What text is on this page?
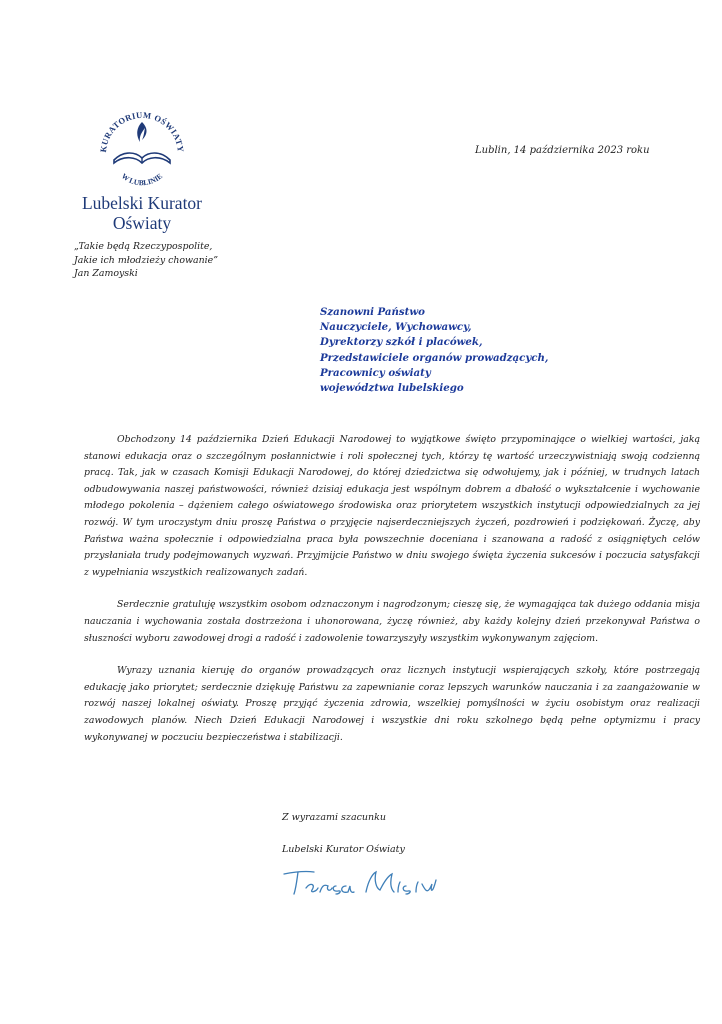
KURATORIUM OŚWIATY
W LUBLINIE
Lubelski Kurator
Oświaty
„Takie będą Rzeczypospolite,
Jakie ich młodzieży chowanie”
Jan Zamoyski
Lublin, 14 października 2023 roku
Szanowni Państwo
Nauczyciele, Wychowawcy,
Dyrektorzy szkół i placówek,
Przedstawiciele organów prowadzących,
Pracownicy oświaty
województwa lubelskiego

Obchodzony 14 października Dzień Edukacji Narodowej to wyjątkowe święto przypominające o wielkiej wartości, jaką stanowi edukacja oraz o szczególnym posłannictwie i roli społecznej tych, którzy tę wartość urzeczywistniają swoją codzienną pracą. Tak, jak w czasach Komisji Edukacji Narodowej, do której dziedzictwa się odwołujemy, jak i później, w trudnych latach odbudowywania naszej państwowości, również dzisiaj edukacja jest wspólnym dobrem a dbałość o wykształcenie i wychowanie młodego pokolenia – dążeniem całego oświatowego środowiska oraz priorytetem wszystkich instytucji odpowiedzialnych za jej rozwój. W tym uroczystym dniu proszę Państwa o przyjęcie najserdeczniejszych życzeń, pozdrowień i podziękowań. Życzę, aby Państwa ważna społecznie i odpowiedzialna praca była powszechnie doceniana i szanowana a radość z osiągniętych celów przysłaniała trudy podejmowanych wyzwań. Przyjmijcie Państwo w dniu swojego święta życzenia sukcesów i poczucia satysfakcji z wypełniania wszystkich realizowanych zadań.

Serdecznie gratuluję wszystkim osobom odznaczonym i nagrodzonym; cieszę się, że wymagająca tak dużego oddania misja nauczania i wychowania została dostrzeżona i uhonorowana, życzę również, aby każdy kolejny dzień przekonywał Państwa o słuszności wyboru zawodowej drogi a radość i zadowolenie towarzyszyły wszystkim wykonywanym zajęciom.

Wyrazy uznania kieruję do organów prowadzących oraz licznych instytucji wspierających szkoły, które postrzegają edukację jako priorytet; serdecznie dziękuję Państwu za zapewnianie coraz lepszych warunków nauczania i za zaangażowanie w rozwój naszej lokalnej oświaty. Proszę przyjąć życzenia zdrowia, wszelkiej pomyślności w życiu osobistym oraz realizacji zawodowych planów. Niech Dzień Edukacji Narodowej i wszystkie dni roku szkolnego będą pełne optymizmu i pracy wykonywanej w poczuciu bezpieczeństwa i stabilizacji.

Z wyrazami szacunku
Lubelski Kurator Oświaty
